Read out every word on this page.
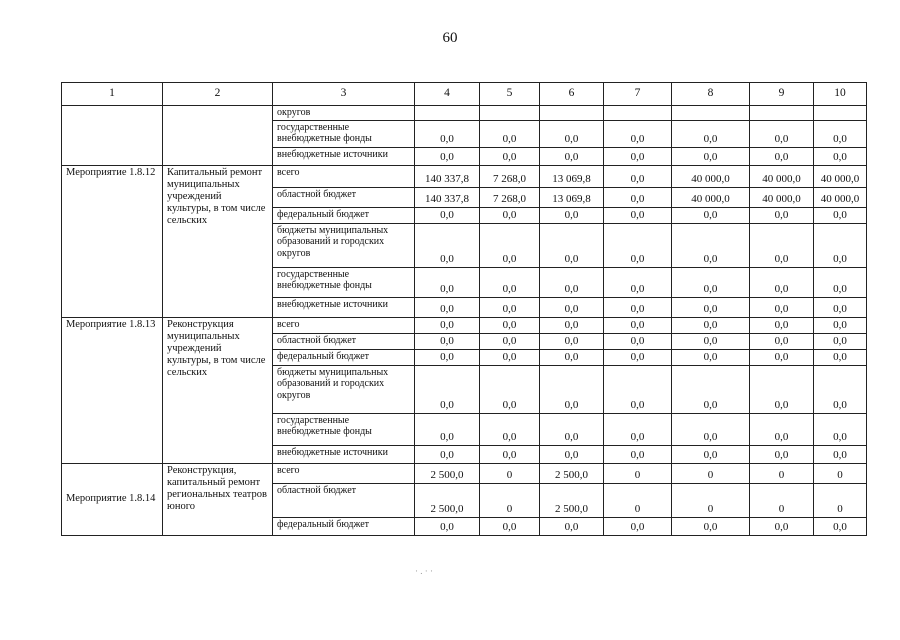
60
1	2	3	4	5	6	7	8	9	10
		округов							
		государственные внебюджетные фонды	0,0	0,0	0,0	0,0	0,0	0,0	0,0
		внебюджетные источники	0,0	0,0	0,0	0,0	0,0	0,0	0,0
Мероприятие 1.8.12	Капитальный ремонт муниципальных учреждений культуры, в том числе сельских	всего	140 337,8	7 268,0	13 069,8	0,0	40 000,0	40 000,0	40 000,0
		областной бюджет	140 337,8	7 268,0	13 069,8	0,0	40 000,0	40 000,0	40 000,0
		федеральный бюджет	0,0	0,0	0,0	0,0	0,0	0,0	0,0
		бюджеты муниципальных образований и городских округов	0,0	0,0	0,0	0,0	0,0	0,0	0,0
		государственные внебюджетные фонды	0,0	0,0	0,0	0,0	0,0	0,0	0,0
		внебюджетные источники	0,0	0,0	0,0	0,0	0,0	0,0	0,0
Мероприятие 1.8.13	Реконструкция муниципальных учреждений культуры, в том числе сельских	всего	0,0	0,0	0,0	0,0	0,0	0,0	0,0
		областной бюджет	0,0	0,0	0,0	0,0	0,0	0,0	0,0
		федеральный бюджет	0,0	0,0	0,0	0,0	0,0	0,0	0,0
		бюджеты муниципальных образований и городских округов	0,0	0,0	0,0	0,0	0,0	0,0	0,0
		государственные внебюджетные фонды	0,0	0,0	0,0	0,0	0,0	0,0	0,0
		внебюджетные источники	0,0	0,0	0,0	0,0	0,0	0,0	0,0
Мероприятие 1.8.14	Реконструкция, капитальный ремонт региональных театров юного	всего	2 500,0	0	2 500,0	0	0	0	0
		областной бюджет	2 500,0	0	2 500,0	0	0	0	0
		федеральный бюджет	0,0	0,0	0,0	0,0	0,0	0,0	0,0
· . · ·
